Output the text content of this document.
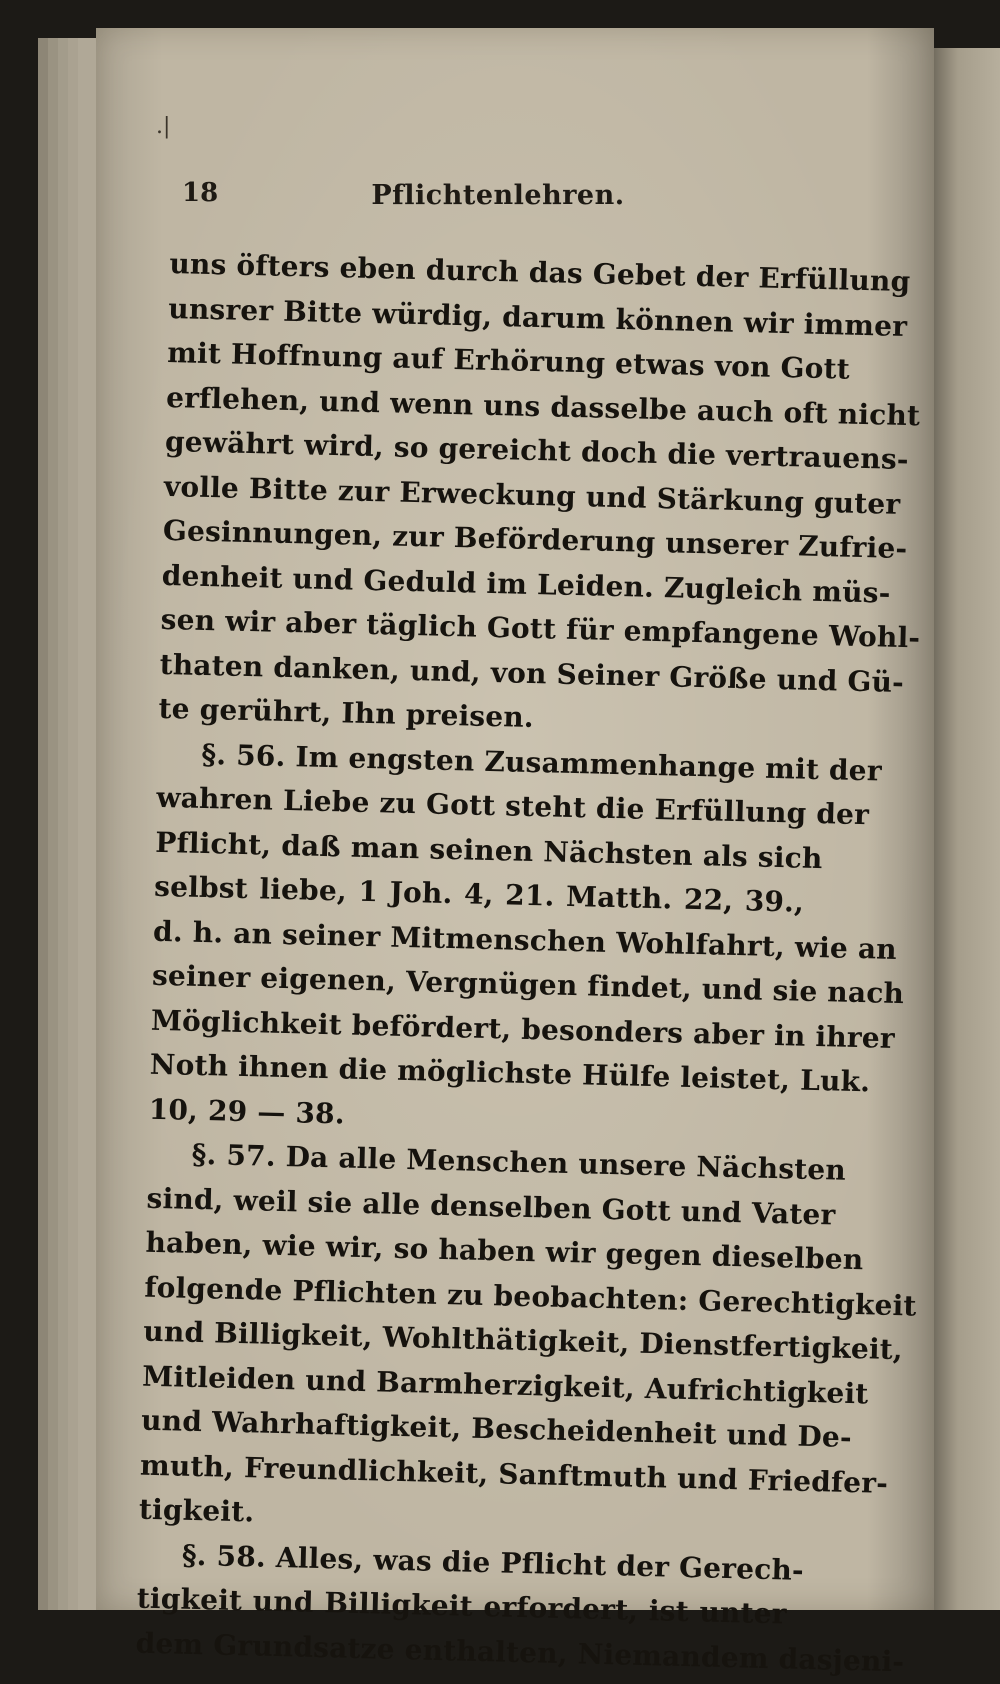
.|
18	Pflichtenlehren.
uns öfters eben durch das Gebet der Erfüllung
unsrer Bitte würdig, darum können wir immer
mit Hoffnung auf Erhörung etwas von Gott
erflehen, und wenn uns dasselbe auch oft nicht
gewährt wird, so gereicht doch die vertrauens-
volle Bitte zur Erweckung und Stärkung guter
Gesinnungen, zur Beförderung unserer Zufrie-
denheit und Geduld im Leiden. Zugleich müs-
sen wir aber täglich Gott für empfangene Wohl-
thaten danken, und, von Seiner Größe und Gü-
te gerührt, Ihn preisen.
§. 56. Im engsten Zusammenhange mit der
wahren Liebe zu Gott steht die Erfüllung der
Pflicht, daß man seinen Nächsten als sich
selbst liebe, 1 Joh. 4, 21. Matth. 22, 39.,
d. h. an seiner Mitmenschen Wohlfahrt, wie an
seiner eigenen, Vergnügen findet, und sie nach
Möglichkeit befördert, besonders aber in ihrer
Noth ihnen die möglichste Hülfe leistet, Luk.
10, 29 — 38.
§. 57. Da alle Menschen unsere Nächsten
sind, weil sie alle denselben Gott und Vater
haben, wie wir, so haben wir gegen dieselben
folgende Pflichten zu beobachten: Gerechtigkeit
und Billigkeit, Wohlthätigkeit, Dienstfertigkeit,
Mitleiden und Barmherzigkeit, Aufrichtigkeit
und Wahrhaftigkeit, Bescheidenheit und De-
muth, Freundlichkeit, Sanftmuth und Friedfer-
tigkeit.
§. 58. Alles, was die Pflicht der Gerech-
tigkeit und Billigkeit erfordert, ist unter
dem Grundsatze enthalten, Niemandem dasjeni-
